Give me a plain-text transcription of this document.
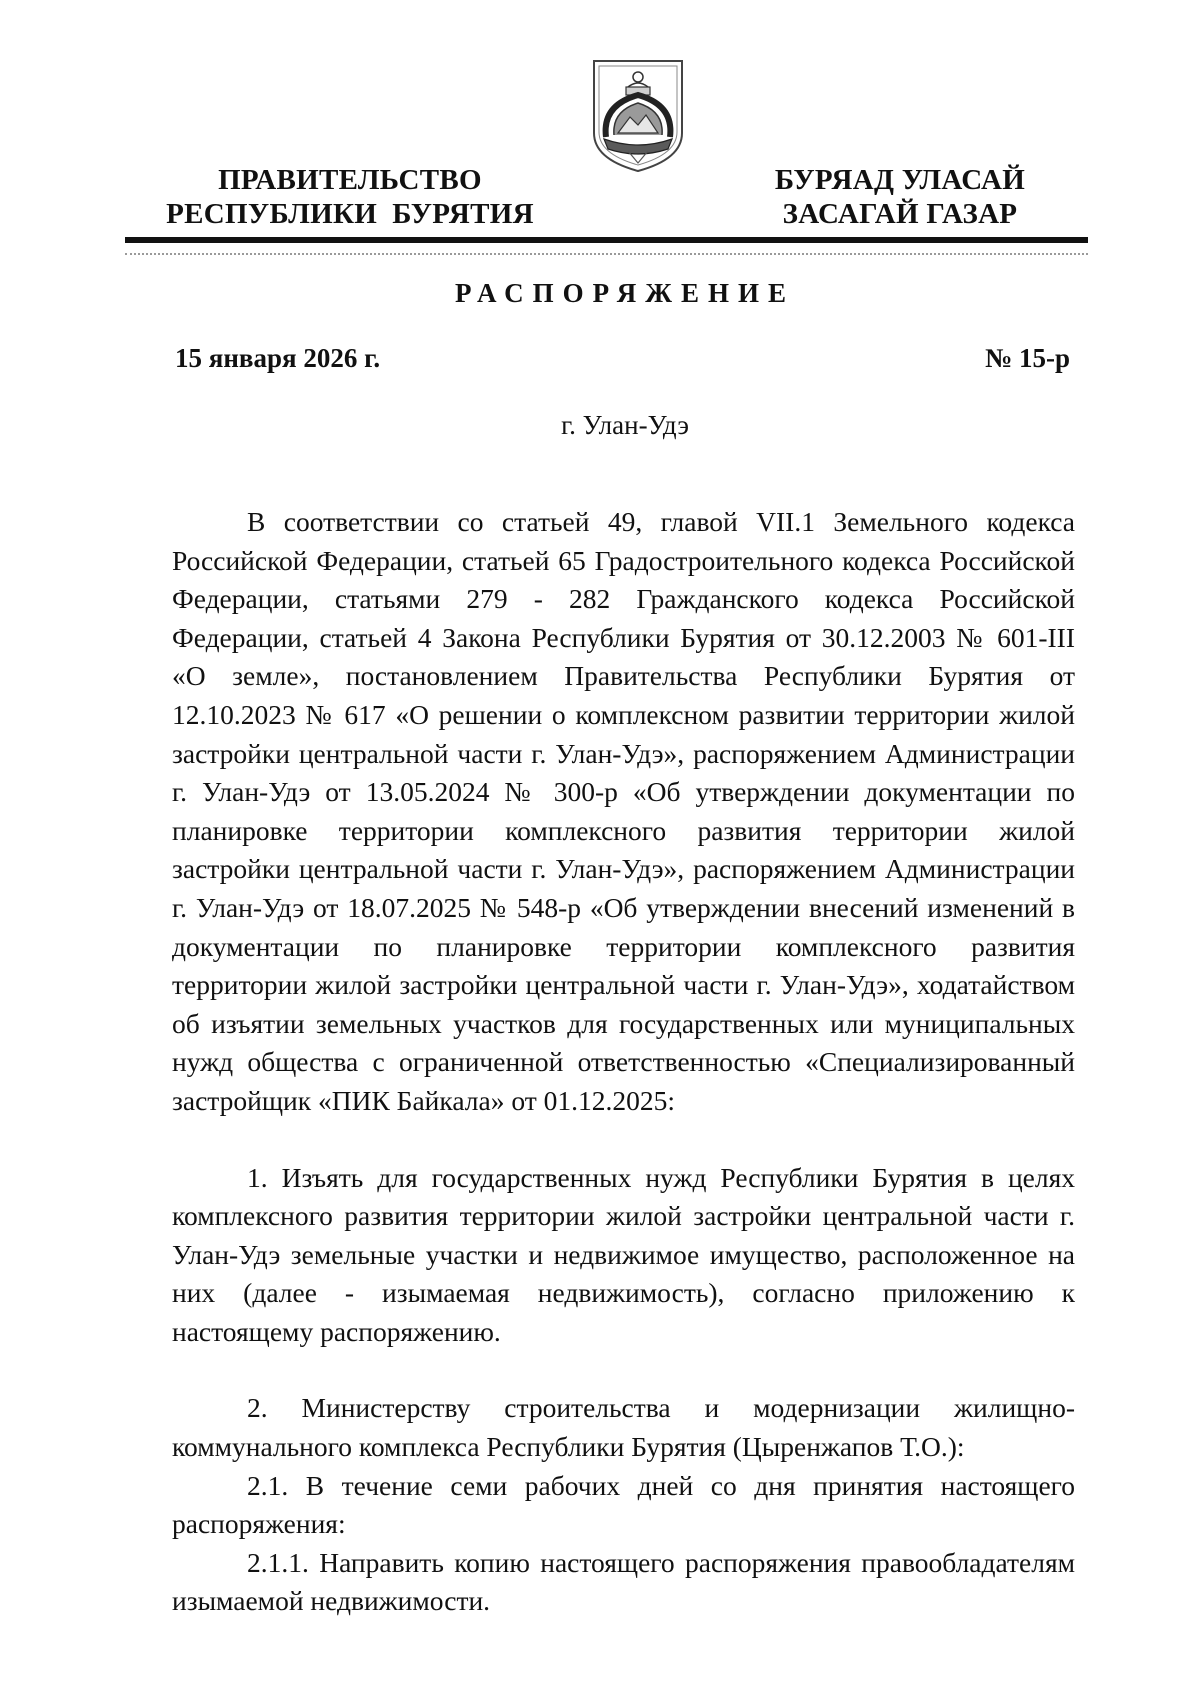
ПРАВИТЕЛЬСТВО
РЕСПУБЛИКИ  БУРЯТИЯ
БУРЯАД УЛАСАЙ
ЗАСАГАЙ ГАЗАР
РАСПОРЯЖЕНИЕ
15 января 2026 г.	№ 15-р
г. Улан-Удэ

В соответствии со статьей 49, главой VII.1 Земельного кодекса Российской Федерации, статьей 65 Градостроительного кодекса Российской Федерации, статьями 279 - 282 Гражданского кодекса Российской Федерации, статьей 4 Закона Республики Бурятия от 30.12.2003 № 601-III «О земле», постановлением Правительства Республики Бурятия от 12.10.2023 № 617 «О решении о комплексном развитии территории жилой застройки центральной части г. Улан-Удэ», распоряжением Администрации г. Улан-Удэ от 13.05.2024 № 300-р «Об утверждении документации по планировке территории комплексного развития территории жилой застройки центральной части г. Улан-Удэ», распоряжением Администрации г. Улан-Удэ от 18.07.2025 № 548-р «Об утверждении внесений изменений в документации по планировке территории комплексного развития территории жилой застройки центральной части г. Улан-Удэ», ходатайством об изъятии земельных участков для государственных или муниципальных нужд общества с ограниченной ответственностью «Специализированный застройщик «ПИК Байкала» от 01.12.2025:

1. Изъять для государственных нужд Республики Бурятия в целях комплексного развития территории жилой застройки центральной части г. Улан-Удэ земельные участки и недвижимое имущество, расположенное на них (далее - изымаемая недвижимость), согласно приложению к настоящему распоряжению.

2. Министерству строительства и модернизации жилищно-коммунального комплекса Республики Бурятия (Цыренжапов Т.О.):

2.1. В течение семи рабочих дней со дня принятия настоящего распоряжения:

2.1.1. Направить копию настоящего распоряжения правообладателям изымаемой недвижимости.
